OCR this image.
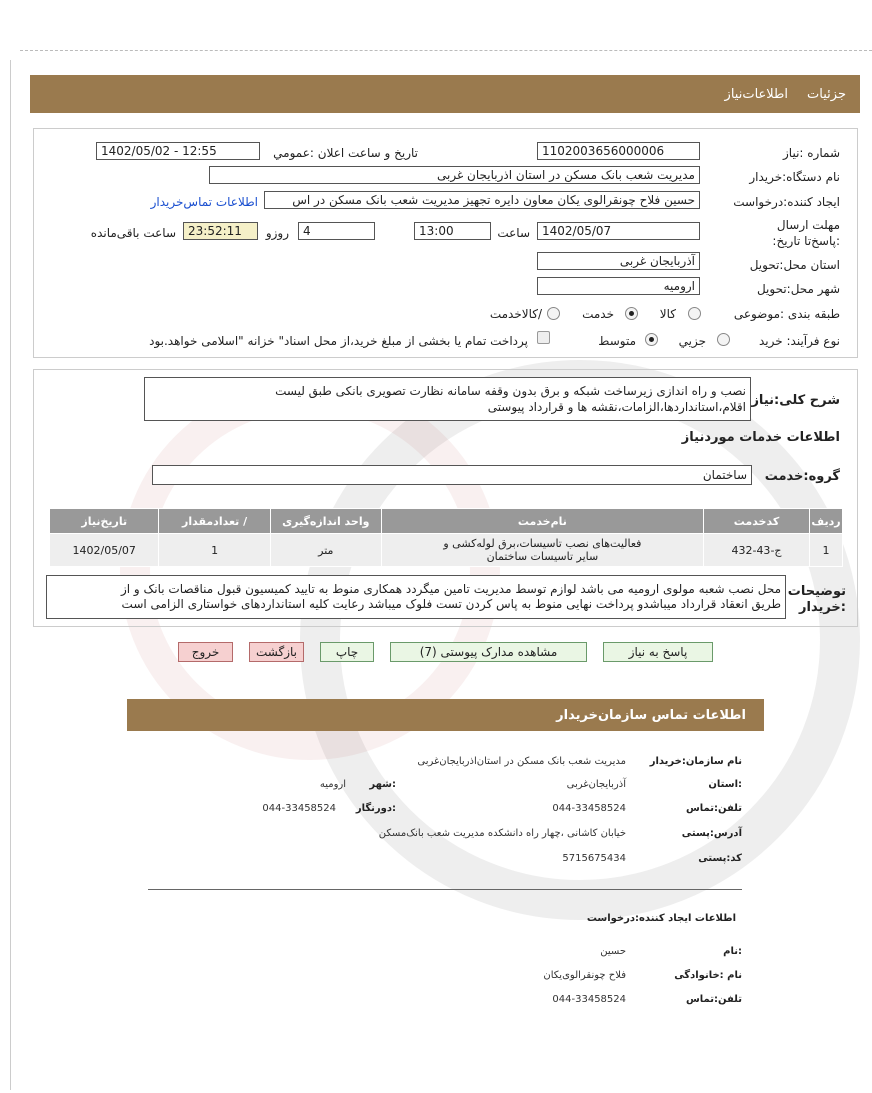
جزئیات
اطلاعات‌نیاز
شماره :نیاز
1102003656000006
تاریخ و ساعت اعلان :عمومي
1402/05/02 - 12:55
نام دستگاه:خریدار
مدیریت شعب بانک مسکن در استان اذربایجان غربی
ایجاد کننده:درخواست
حسین فلاح چونقرالوی یکان معاون دایره تجهیز مدیریت شعب بانک مسکن در اس
اطلاعات تماس‌خریدار
مهلت ارسال :پاسخ‌تا تاریخ:
1402/05/07
ساعت
13:00
4
روزو
23:52:11
ساعت باقی‌مانده
استان محل:تحویل
آذربایجان غربی
شهر محل:تحویل
ارومیه
طبقه بندی :موضوعی
کالا
خدمت
/کالاخدمت
نوع فرآیند: خرید
جزیي
متوسط
پرداخت تمام یا بخشی از مبلغ خرید،از محل اسناد" خزانه "اسلامی خواهد.بود
شرح کلی:نیاز
نصب و راه اندازی زیرساخت شبکه و برق بدون وقفه سامانه نظارت تصویری بانکی طبق لیست
اقلام،استانداردها،الزامات،نقشه ها و قرارداد پیوستی
اطلاعات خدمات موردنیاز
گروه:خدمت
ساختمان
ردیف	کدخدمت	نام‌خدمت	واحد اندازه‌گیری	/ تعدادمقدار	تاریخ‌نیاز
1	ج-43-432	فعالیت‌های نصب تاسیسات،برق لوله‌کشی و سایر تاسیسات ساختمان	متر	1	1402/05/07
توضیحات :خریدار
محل نصب شعبه مولوی ارومیه می باشد لوازم توسط مدیریت تامین میگردد همکاری منوط به تایید کمیسیون قبول مناقصات بانک و از
طریق انعقاد قرارداد میباشدو پرداخت نهایی منوط به پاس کردن تست فلوک میباشد رعایت کلیه استانداردهای خواستاری الزامی است
پاسخ به نیاز
مشاهده مدارک پیوستی (7)
چاپ
بازگشت
خروج
اطلاعات تماس سازمان‌خریدار
نام سازمان:خریدار
مدیریت شعب بانک مسکن در استان‌اذربایجان‌غربی
:استان
آذربایجان‌غربی
:شهر
ارومیه
تلفن:تماس
044-33458524
:دورنگار
044-33458524
آدرس:پستی
خیابان کاشانی ،چهار راه دانشکده مدیریت شعب بانک‌مسکن
کد:پستی
5715675434
اطلاعات ایجاد کننده:درخواست
:نام
حسین
نام :خانوادگی
فلاح چونقرالوی‌یکان
تلفن:تماس
044-33458524
